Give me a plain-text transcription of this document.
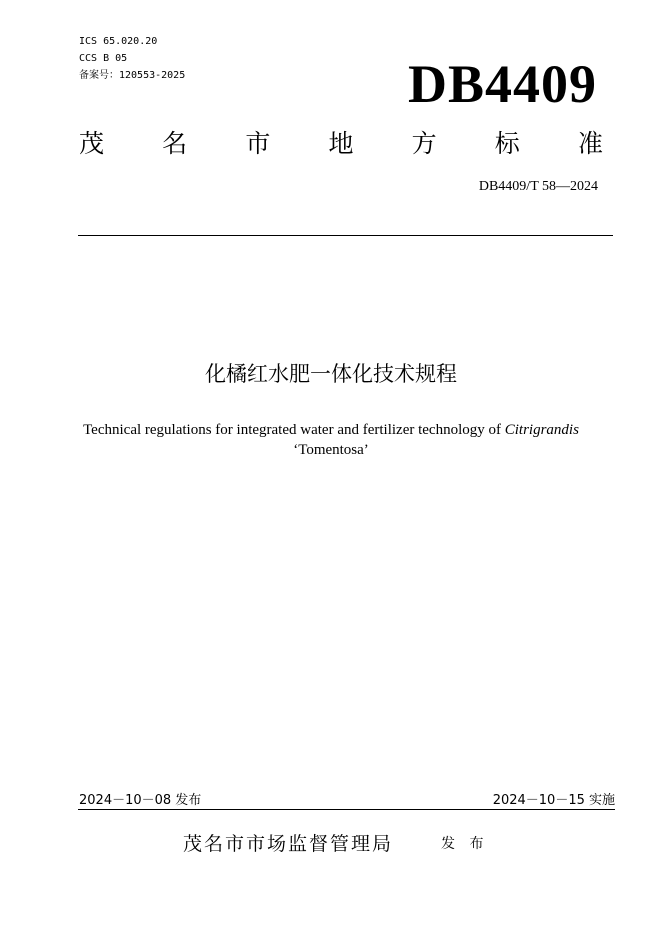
ICS 65.020.20
CCS B 05
备案号：120553-2025	DB4409
茂 名 市 地 方 标 准
DB4409/T 58—2024
化橘红水肥一体化技术规程
Technical regulations for integrated water and fertilizer technology of Citrigrandis
‘Tomentosa’
2024－10－08 发布	2024－10－15 实施
茂名市市场监督管理局	发 布
